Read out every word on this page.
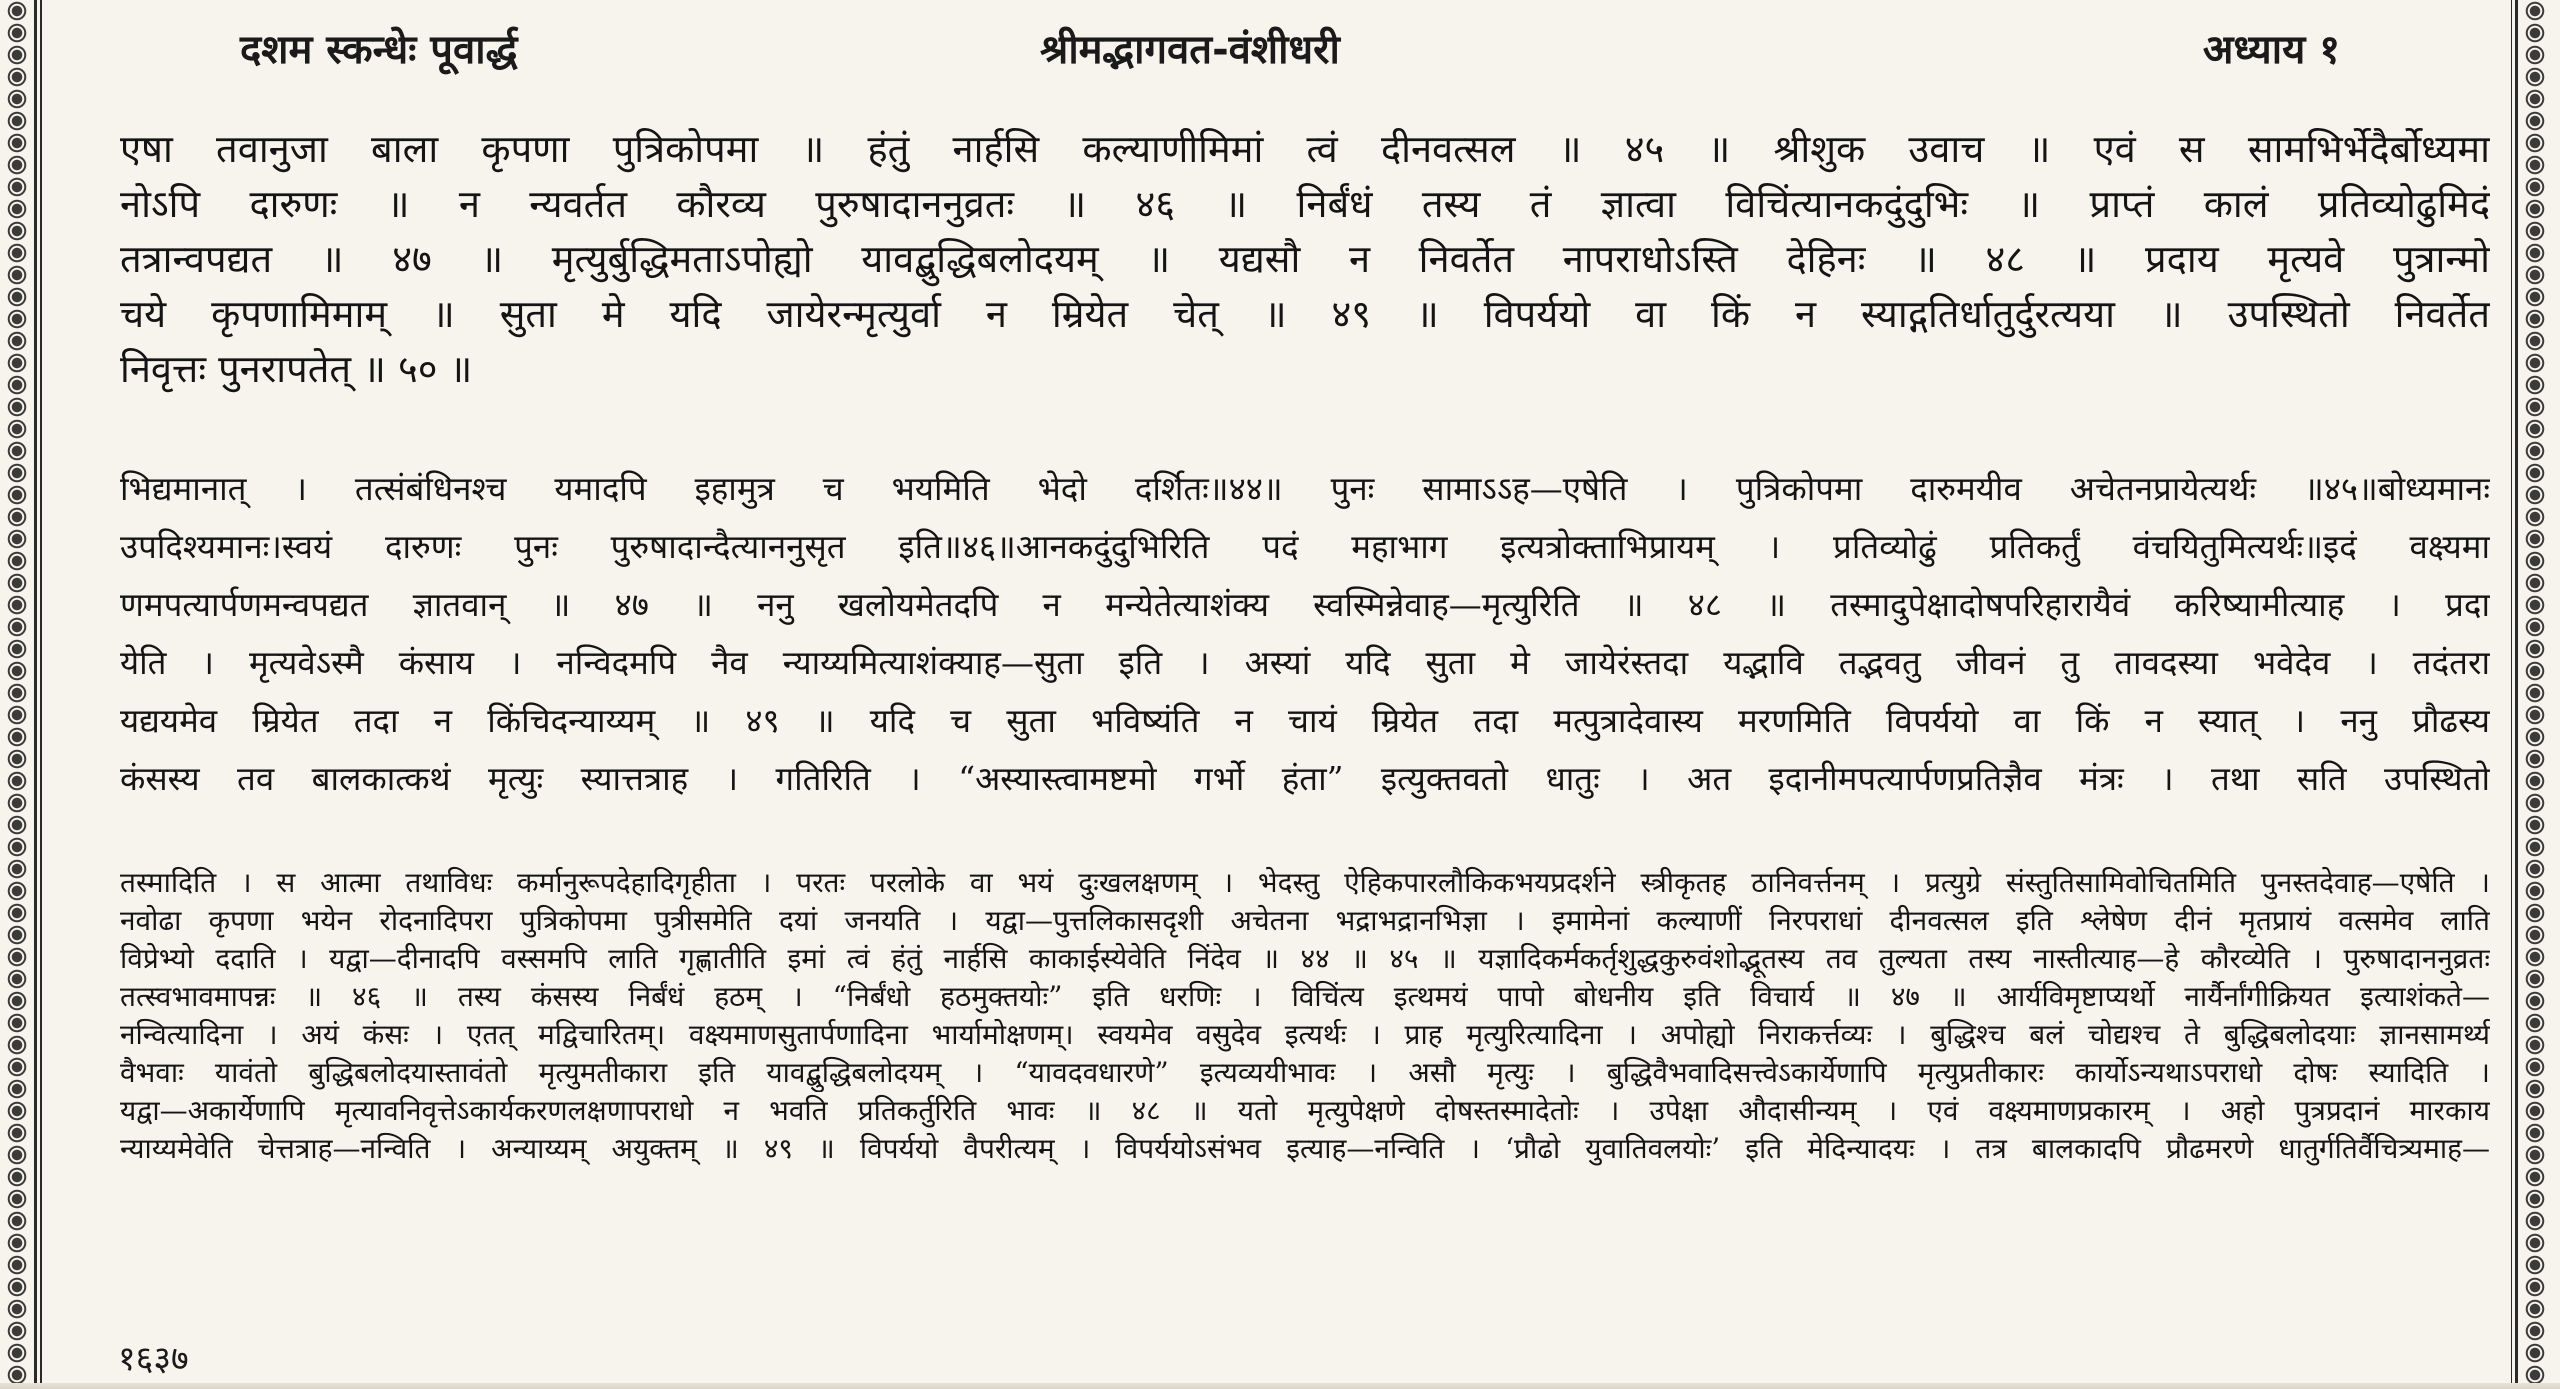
दशम स्कन्धेः पूवार्द्ध	श्रीमद्भागवत-वंशीधरी	अध्याय १
एषा तवानुजा बाला कृपणा पुत्रिकोपमा ॥ हंतुं नार्हसि कल्याणीमिमां त्वं दीनवत्सल ॥ ४५ ॥ श्रीशुक उवाच ॥ एवं स सामभिर्भेदैर्बोध्यमा
नोऽपि दारुणः ॥ न न्यवर्तत कौरव्य पुरुषादाननुव्रतः ॥ ४६ ॥ निर्बंधं तस्य तं ज्ञात्वा विचिंत्यानकदुंदुभिः ॥ प्राप्तं कालं प्रतिव्योढुमिदं
तत्रान्वपद्यत ॥ ४७ ॥ मृत्युर्बुद्धिमताऽपोह्यो यावद्बुद्धिबलोदयम् ॥ यद्यसौ न निवर्तेत नापराधोऽस्ति देहिनः ॥ ४८ ॥ प्रदाय मृत्यवे पुत्रान्मो
चये कृपणामिमाम् ॥ सुता मे यदि जायेरन्मृत्युर्वा न म्रियेत चेत् ॥ ४९ ॥ विपर्ययो वा किं न स्याद्गतिर्धातुर्दुरत्यया ॥ उपस्थितो निवर्तेत
निवृत्तः पुनरापतेत् ॥ ५० ॥
भिद्यमानात् । तत्संबंधिनश्च यमादपि इहामुत्र च भयमिति भेदो दर्शितः॥४४॥ पुनः सामाऽऽह—एषेति । पुत्रिकोपमा दारुमयीव अचेतनप्रायेत्यर्थः ॥४५॥बोध्यमानः
उपदिश्यमानः।स्वयं दारुणः पुनः पुरुषादान्दैत्याननुसृत इति॥४६॥आनकदुंदुभिरिति पदं महाभाग इत्यत्रोक्ताभिप्रायम् । प्रतिव्योढुं प्रतिकर्तुं वंचयितुमित्यर्थः॥इदं वक्ष्यमा
णमपत्यार्पणमन्वपद्यत ज्ञातवान् ॥ ४७ ॥ ननु खलोयमेतदपि न मन्येतेत्याशंक्य स्वस्मिन्नेवाह—मृत्युरिति ॥ ४८ ॥ तस्मादुपेक्षादोषपरिहारायैवं करिष्यामीत्याह । प्रदा
येति । मृत्यवेऽस्मै कंसाय । नन्विदमपि नैव न्याय्यमित्याशंक्याह—सुता इति । अस्यां यदि सुता मे जायेरंस्तदा यद्भावि तद्भवतु जीवनं तु तावदस्या भवेदेव । तदंतरा
यद्ययमेव म्रियेत तदा न किंचिदन्याय्यम् ॥ ४९ ॥ यदि च सुता भविष्यंति न चायं म्रियेत तदा मत्पुत्रादेवास्य मरणमिति विपर्ययो वा किं न स्यात् । ननु प्रौढस्य
कंसस्य तव बालकात्कथं मृत्युः स्यात्तत्राह । गतिरिति । “अस्यास्त्वामष्टमो गर्भो हंता” इत्युक्तवतो धातुः । अत इदानीमपत्यार्पणप्रतिज्ञैव मंत्रः । तथा सति उपस्थितो
तस्मादिति । स आत्मा तथाविधः कर्मानुरूपदेहादिगृहीता । परतः परलोके वा भयं दुःखलक्षणम् । भेदस्तु ऐहिकपारलौकिकभयप्रदर्शने स्त्रीकृतह ठानिवर्त्तनम् । प्रत्युग्रे संस्तुतिसामिवोचितमिति पुनस्तदेवाह—एषेति ।
नवोढा कृपणा भयेन रोदनादिपरा पुत्रिकोपमा पुत्रीसमेति दयां जनयति । यद्वा—पुत्तलिकासदृशी अचेतना भद्राभद्रानभिज्ञा । इमामेनां कल्याणीं निरपराधां दीनवत्सल इति श्लेषेण दीनं मृतप्रायं वत्समेव लाति
विप्रेभ्यो ददाति । यद्वा—दीनादपि वस्समपि लाति गृह्णातीति इमां त्वं हंतुं नार्हसि काकाईस्येवेति निंदेव ॥ ४४ ॥ ४५ ॥ यज्ञादिकर्मकर्तृशुद्धकुरुवंशोद्भूतस्य तव तुल्यता तस्य नास्तीत्याह—हे कौरव्येति । पुरुषादाननुव्रतः
तत्स्वभावमापन्नः ॥ ४६ ॥ तस्य कंसस्य निर्बंधं हठम् । “निर्बंधो हठमुक्तयोः” इति धरणिः । विचिंत्य इत्थमयं पापो बोधनीय इति विचार्य ॥ ४७ ॥ आर्यविमृष्टाप्यर्थो नार्यैर्नांगीक्रियत इत्याशंकते—
नन्वित्यादिना । अयं कंसः । एतत् मद्विचारितम्। वक्ष्यमाणसुतार्पणादिना भार्यामोक्षणम्। स्वयमेव वसुदेव इत्यर्थः । प्राह मृत्युरित्यादिना । अपोह्यो निराकर्त्तव्यः । बुद्धिश्च बलं चोद्यश्च ते बुद्धिबलोदयाः ज्ञानसामर्थ्य
वैभवाः यावंतो बुद्धिबलोदयास्तावंतो मृत्युमतीकारा इति यावद्बुद्धिबलोदयम् । “यावदवधारणे” इत्यव्ययीभावः । असौ मृत्युः । बुद्धिवैभवादिसत्त्वेऽकार्येणापि मृत्युप्रतीकारः कार्योऽन्यथाऽपराधो दोषः स्यादिति ।
यद्वा—अकार्येणापि मृत्यावनिवृत्तेऽकार्यकरणलक्षणापराधो न भवति प्रतिकर्तुरिति भावः ॥ ४८ ॥ यतो मृत्युपेक्षणे दोषस्तस्मादेतोः । उपेक्षा औदासीन्यम् । एवं वक्ष्यमाणप्रकारम् । अहो पुत्रप्रदानं मारकाय
न्याय्यमेवेति चेत्तत्राह—नन्विति । अन्याय्यम् अयुक्तम् ॥ ४९ ॥ विपर्ययो वैपरीत्यम् । विपर्ययोऽसंभव इत्याह—नन्विति । ‘प्रौढो युवातिवलयोः’ इति मेदिन्यादयः । तत्र बालकादपि प्रौढमरणे धातुर्गतिर्वैचित्र्यमाह—
१६३७
